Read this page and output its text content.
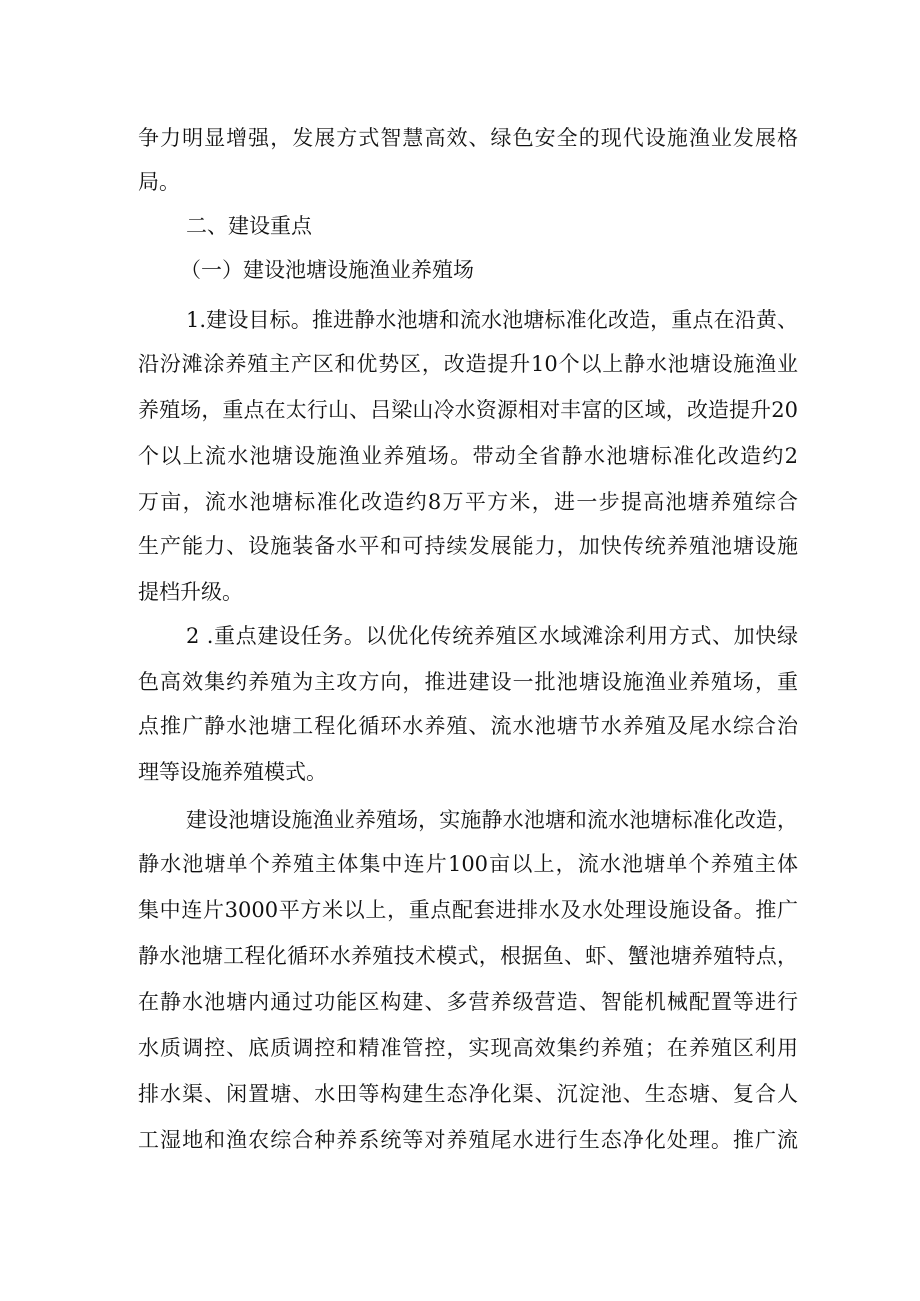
争力明显增强，发展方式智慧高效、绿色安全的现代设施渔业发展格
局。
二、建设重点
（一）建设池塘设施渔业养殖场
1.建设目标。推进静水池塘和流水池塘标准化改造，重点在沿黄、
沿汾滩涂养殖主产区和优势区，改造提升10个以上静水池塘设施渔业
养殖场，重点在太行山、吕梁山冷水资源相对丰富的区域，改造提升20
个以上流水池塘设施渔业养殖场。带动全省静水池塘标准化改造约2
万亩，流水池塘标准化改造约8万平方米，进一步提高池塘养殖综合
生产能力、设施装备水平和可持续发展能力，加快传统养殖池塘设施
提档升级。
2 .重点建设任务。以优化传统养殖区水域滩涂利用方式、加快绿
色高效集约养殖为主攻方向，推进建设一批池塘设施渔业养殖场，重
点推广静水池塘工程化循环水养殖、流水池塘节水养殖及尾水综合治
理等设施养殖模式。
建设池塘设施渔业养殖场，实施静水池塘和流水池塘标准化改造，
静水池塘单个养殖主体集中连片100亩以上，流水池塘单个养殖主体
集中连片3000平方米以上，重点配套进排水及水处理设施设备。推广
静水池塘工程化循环水养殖技术模式，根据鱼、虾、蟹池塘养殖特点，
在静水池塘内通过功能区构建、多营养级营造、智能机械配置等进行
水质调控、底质调控和精准管控，实现高效集约养殖；在养殖区利用
排水渠、闲置塘、水田等构建生态净化渠、沉淀池、生态塘、复合人
工湿地和渔农综合种养系统等对养殖尾水进行生态净化处理。推广流
